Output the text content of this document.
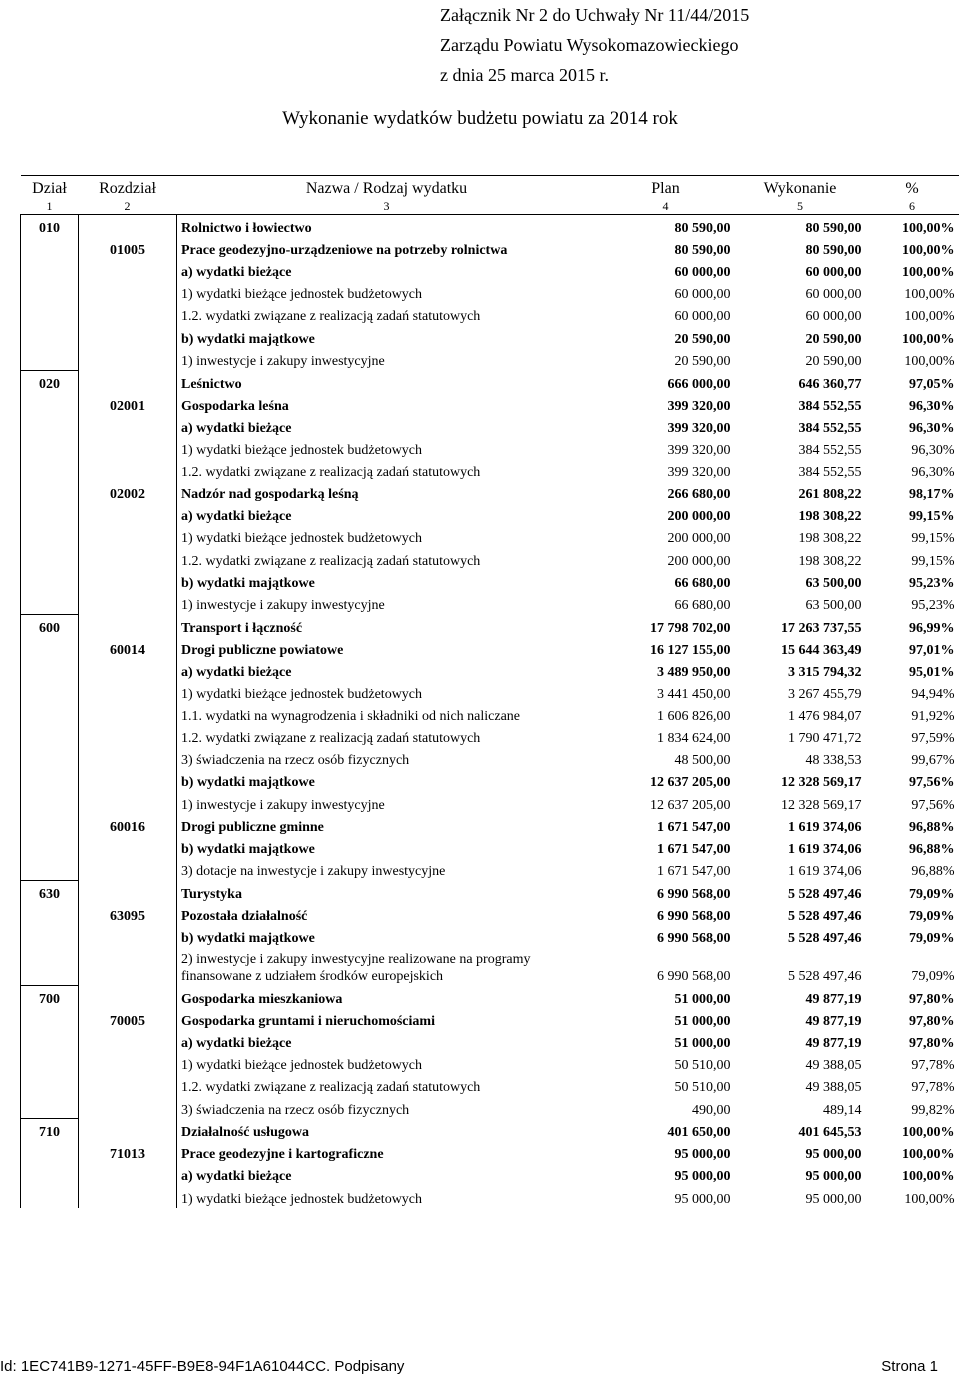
Załącznik Nr 2 do Uchwały Nr 11/44/2015
Zarządu Powiatu Wysokomazowieckiego
z dnia 25 marca 2015 r.
Wykonanie wydatków budżetu powiatu za 2014 rok
Dział	Rozdział	Nazwa / Rodzaj wydatku	Plan	Wykonanie	%
1	2	3	4	5	6
010		Rolnictwo i łowiectwo	80 590,00	80 590,00	100,00%
	01005	Prace geodezyjno-urządzeniowe na potrzeby rolnictwa	80 590,00	80 590,00	100,00%
		a) wydatki bieżące	60 000,00	60 000,00	100,00%
		1) wydatki bieżące jednostek budżetowych	60 000,00	60 000,00	100,00%
		1.2. wydatki związane z realizacją zadań statutowych	60 000,00	60 000,00	100,00%
		b) wydatki majątkowe	20 590,00	20 590,00	100,00%
		1) inwestycje i zakupy inwestycyjne	20 590,00	20 590,00	100,00%
020		Leśnictwo	666 000,00	646 360,77	97,05%
	02001	Gospodarka leśna	399 320,00	384 552,55	96,30%
		a) wydatki bieżące	399 320,00	384 552,55	96,30%
		1) wydatki bieżące jednostek budżetowych	399 320,00	384 552,55	96,30%
		1.2. wydatki związane z realizacją zadań statutowych	399 320,00	384 552,55	96,30%
	02002	Nadzór nad gospodarką leśną	266 680,00	261 808,22	98,17%
		a) wydatki bieżące	200 000,00	198 308,22	99,15%
		1) wydatki bieżące jednostek budżetowych	200 000,00	198 308,22	99,15%
		1.2. wydatki związane z realizacją zadań statutowych	200 000,00	198 308,22	99,15%
		b) wydatki majątkowe	66 680,00	63 500,00	95,23%
		1) inwestycje i zakupy inwestycyjne	66 680,00	63 500,00	95,23%
600		Transport i łączność	17 798 702,00	17 263 737,55	96,99%
	60014	Drogi publiczne powiatowe	16 127 155,00	15 644 363,49	97,01%
		a) wydatki bieżące	3 489 950,00	3 315 794,32	95,01%
		1) wydatki bieżące jednostek budżetowych	3 441 450,00	3 267 455,79	94,94%
		1.1. wydatki na wynagrodzenia i składniki od nich naliczane	1 606 826,00	1 476 984,07	91,92%
		1.2. wydatki związane z realizacją zadań statutowych	1 834 624,00	1 790 471,72	97,59%
		3) świadczenia na rzecz osób fizycznych	48 500,00	48 338,53	99,67%
		b) wydatki majątkowe	12 637 205,00	12 328 569,17	97,56%
		1) inwestycje i zakupy inwestycyjne	12 637 205,00	12 328 569,17	97,56%
	60016	Drogi publiczne gminne	1 671 547,00	1 619 374,06	96,88%
		b) wydatki majątkowe	1 671 547,00	1 619 374,06	96,88%
		3) dotacje na inwestycje i zakupy inwestycyjne	1 671 547,00	1 619 374,06	96,88%
630		Turystyka	6 990 568,00	5 528 497,46	79,09%
	63095	Pozostała działalność	6 990 568,00	5 528 497,46	79,09%
		b) wydatki majątkowe	6 990 568,00	5 528 497,46	79,09%

		2) inwestycje i zakupy inwestycyjne realizowane na programy finansowane z udziałem środków europejskich	6 990 568,00	5 528 497,46	79,09%
700		Gospodarka mieszkaniowa	51 000,00	49 877,19	97,80%
	70005	Gospodarka gruntami i nieruchomościami	51 000,00	49 877,19	97,80%
		a) wydatki bieżące	51 000,00	49 877,19	97,80%
		1) wydatki bieżące jednostek budżetowych	50 510,00	49 388,05	97,78%
		1.2. wydatki związane z realizacją zadań statutowych	50 510,00	49 388,05	97,78%
		3) świadczenia na rzecz osób fizycznych	490,00	489,14	99,82%
710		Działalność usługowa	401 650,00	401 645,53	100,00%
	71013	Prace geodezyjne i kartograficzne	95 000,00	95 000,00	100,00%
		a) wydatki bieżące	95 000,00	95 000,00	100,00%
		1) wydatki bieżące jednostek budżetowych	95 000,00	95 000,00	100,00%
Id: 1EC741B9-1271-45FF-B9E8-94F1A61044CC. Podpisany	Strona 1
